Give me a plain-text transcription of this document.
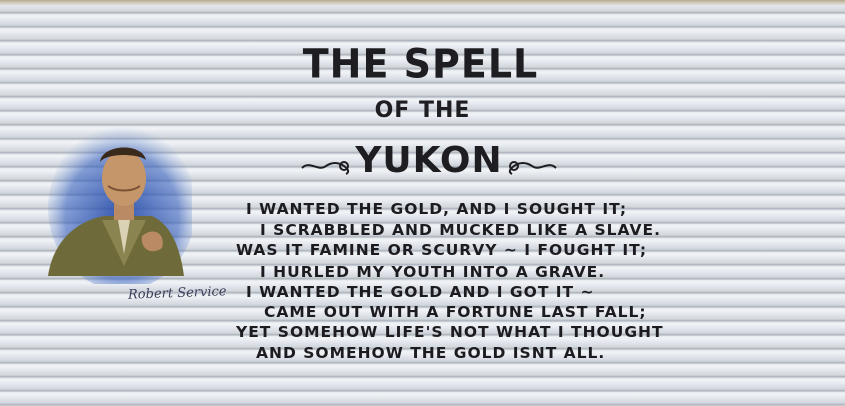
THE SPELL
OF THE
YUKON
Robert Service
I WANTED THE GOLD, AND I SOUGHT IT;
I SCRABBLED AND MUCKED LIKE A SLAVE.
WAS IT FAMINE OR SCURVY ~ I FOUGHT IT;
I HURLED MY YOUTH INTO A GRAVE.
I WANTED THE GOLD AND I GOT IT ~
CAME OUT WITH A FORTUNE LAST FALL;
YET SOMEHOW LIFE'S NOT WHAT I THOUGHT
AND SOMEHOW THE GOLD ISNT ALL.
